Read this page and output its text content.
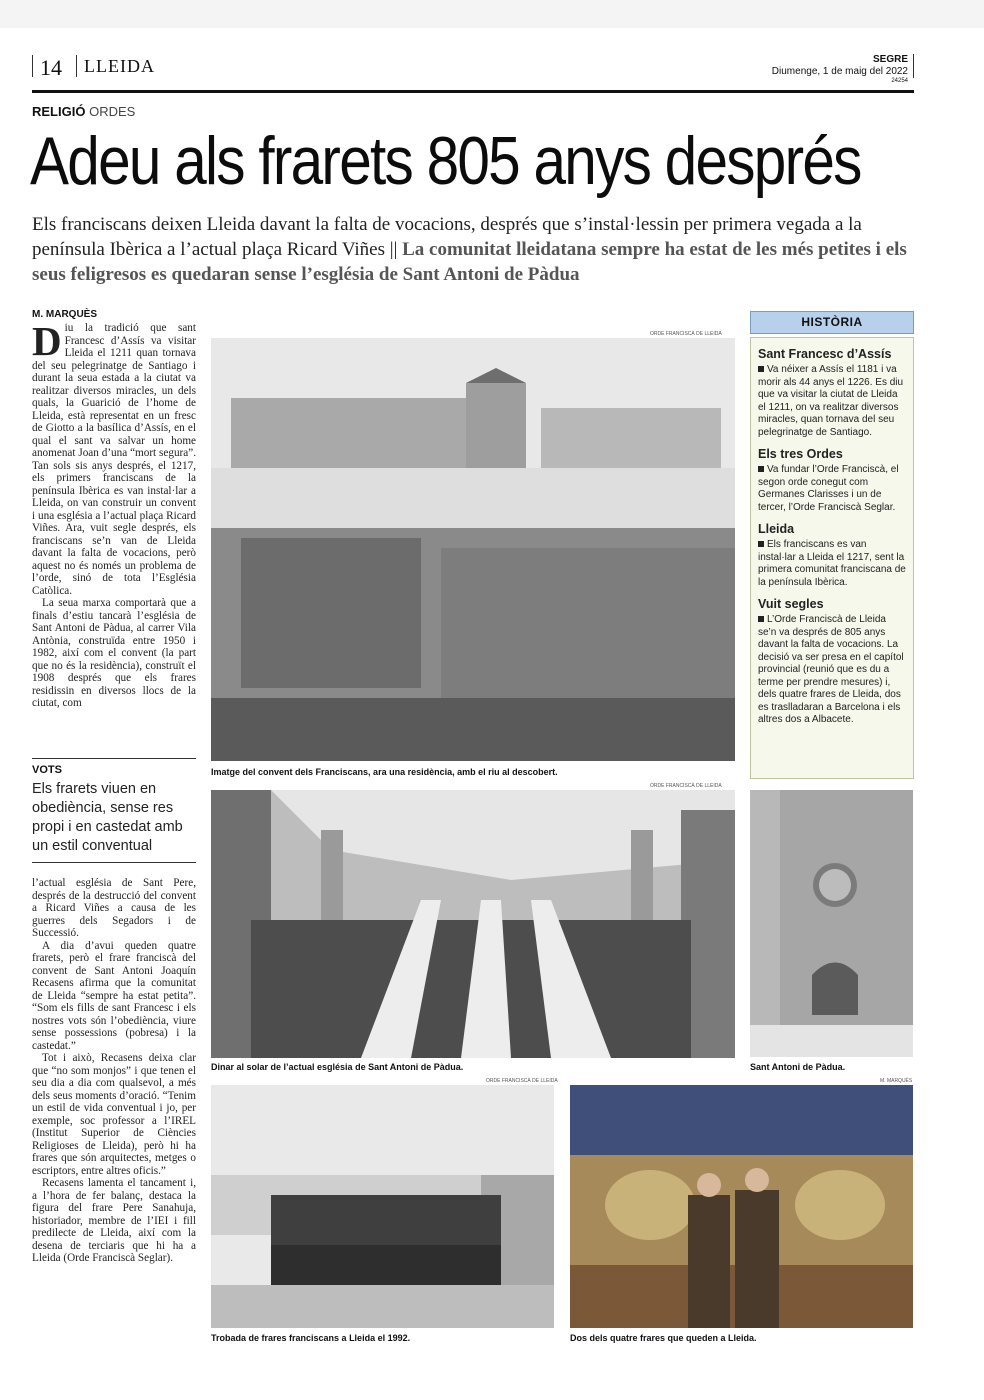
14 LLEIDA	SEGRE
Diumenge, 1 de maig del 2022
24254
RELIGIÓ ORDES
Adeu als frarets 805 anys després
Els franciscans deixen Lleida davant la falta de vocacions, després que s’instal·lessin per primera vegada a la península Ibèrica a l’actual plaça Ricard Viñes || La comunitat lleidatana sempre ha estat de les més petites i els seus feligresos es quedaran sense l’església de Sant Antoni de Pàdua
M. MARQUÈS

Diu la tradició que sant Francesc d’Assís va visitar Lleida el 1211 quan tornava del seu pelegrinatge de Santiago i durant la seua estada a la ciutat va realitzar diversos miracles, un dels quals, la Guarició de l’home de Lleida, està representat en un fresc de Giotto a la basílica d’Assís, en el qual el sant va salvar un home anomenat Joan d’una “mort segura”. Tan sols sis anys després, el 1217, els primers franciscans de la península Ibèrica es van instal·lar a Lleida, on van construir un convent i una església a l’actual plaça Ricard Viñes. Ara, vuit segle després, els franciscans se’n van de Lleida davant la falta de vocacions, però aquest no és només un problema de l’orde, sinó de tota l’Església Catòlica.

La seua marxa comportarà que a finals d’estiu tancarà l’església de Sant Antoni de Pàdua, al carrer Vila Antònia, construïda entre 1950 i 1982, així com el convent (la part que no és la residència), construït el 1908 després que els frares residissin en diversos llocs de la ciutat, com

VOTS
Els frarets viuen en obediència, sense res propi i en castedat amb un estil conventual

l’actual església de Sant Pere, després de la destrucció del convent a Ricard Viñes a causa de les guerres dels Segadors i de Successió.

A dia d’avui queden quatre frarets, però el frare franciscà del convent de Sant Antoni Joaquín Recasens afirma que la comunitat de Lleida “sempre ha estat petita”. “Som els fills de sant Francesc i els nostres vots són l’obediència, viure sense possessions (pobresa) i la castedat.”

Tot i això, Recasens deixa clar que “no som monjos” i que tenen el seu dia a dia com qualsevol, a més dels seus moments d’oració. “Tenim un estil de vida conventual i jo, per exemple, soc professor a l’IREL (Institut Superior de Ciències Religioses de Lleida), però hi ha frares que són arquitectes, metges o escriptors, entre altres oficis.”

Recasens lamenta el tancament i, a l’hora de fer balanç, destaca la figura del frare Pere Sanahuja, historiador, membre de l’IEI i fill predilecte de Lleida, així com la desena de terciaris que hi ha a Lleida (Orde Franciscà Seglar).

ORDE FRANCISCÀ DE LLEIDA
Imatge del convent dels Franciscans, ara una residència, amb el riu al descobert.
HISTÒRIA
Sant Francesc d’Assís
Va néixer a Assís el 1181 i va morir als 44 anys el 1226. Es diu que va visitar la ciutat de Lleida el 1211, on va realitzar diversos miracles, quan tornava del seu pelegrinatge de Santiago.
Els tres Ordes
Va fundar l’Orde Franciscà, el segon orde conegut com Germanes Clarisses i un de tercer, l’Orde Franciscà Seglar.
Lleida
Els franciscans es van instal·lar a Lleida el 1217, sent la primera comunitat franciscana de la península Ibèrica.
Vuit segles
L’Orde Franciscà de Lleida se’n va després de 805 anys davant la falta de vocacions. La decisió va ser presa en el capítol provincial (reunió que es du a terme per prendre mesures) i, dels quatre frares de Lleida, dos es traslladaran a Barcelona i els altres dos a Albacete.
ORDE FRANCISCÀ DE LLEIDA
Dinar al solar de l’actual església de Sant Antoni de Pàdua.	Sant Antoni de Pàdua.
ORDE FRANCISCÀ DE LLEIDA
Trobada de frares franciscans a Lleida el 1992.
M. MARQUÈS
Dos dels quatre frares que queden a Lleida.
